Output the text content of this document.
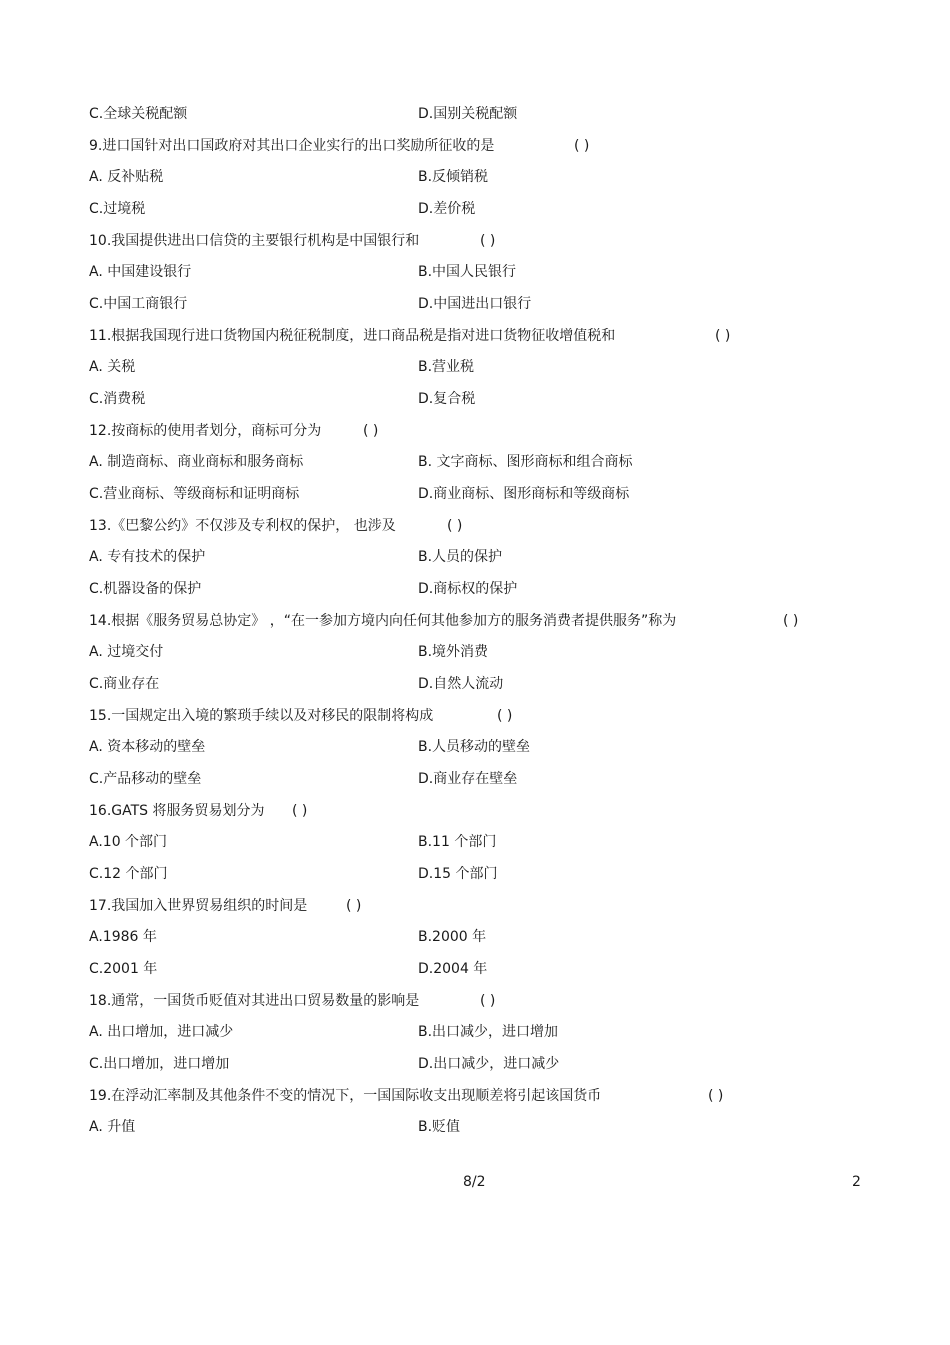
C.全球关税配额	D.国别关税配额
9.进口国针对出口国政府对其出口企业实行的出口奖励所征收的是	( )
A. 反补贴税	B.反倾销税
C.过境税	D.差价税
10.我国提供进出口信贷的主要银行机构是中国银行和	( )
A. 中国建设银行	B.中国人民银行
C.中国工商银行	D.中国进出口银行
11.根据我国现行进口货物国内税征税制度，进口商品税是指对进口货物征收增值税和	( )
A. 关税	B.营业税
C.消费税	D.复合税
12.按商标的使用者划分，商标可分为	( )
A. 制造商标、商业商标和服务商标	B. 文字商标、图形商标和组合商标
C.营业商标、等级商标和证明商标	D.商业商标、图形商标和等级商标
13.《巴黎公约》不仅涉及专利权的保护， 也涉及	( )
A. 专有技术的保护	B.人员的保护
C.机器设备的保护	D.商标权的保护
14.根据《服务贸易总协定》 ，“在一参加方境内向任何其他参加方的服务消费者提供服务”称为	( )
A. 过境交付	B.境外消费
C.商业存在	D.自然人流动
15.一国规定出入境的繁琐手续以及对移民的限制将构成	( )
A. 资本移动的壁垒	B.人员移动的壁垒
C.产品移动的壁垒	D.商业存在壁垒
16.GATS 将服务贸易划分为 ( )
A.10 个部门	B.11 个部门
C.12 个部门	D.15 个部门
17.我国加入世界贸易组织的时间是	( )
A.1986 年	B.2000 年
C.2001 年	D.2004 年
18.通常，一国货币贬值对其进出口贸易数量的影响是	( )
A. 出口增加，进口减少	B.出口减少，进口增加
C.出口增加，进口增加	D.出口减少，进口减少
19.在浮动汇率制及其他条件不变的情况下，一国国际收支出现顺差将引起该国货币	( )
A. 升值	B.贬值
8/2	2
